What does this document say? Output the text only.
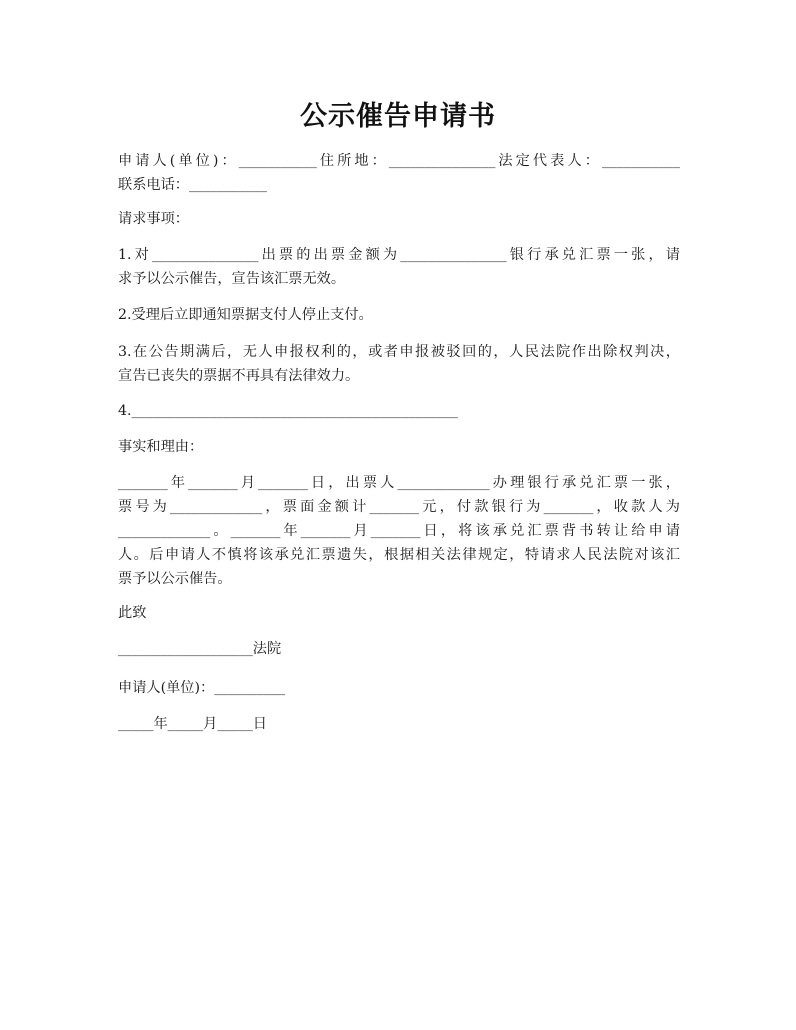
公示催告申请书
申请人(单位)：___________住所地：_______________法定代表人：___________
联系电话：___________
请求事项：
1.对_______________出票的出票金额为_______________银行承兑汇票一张，请
求予以公示催告，宣告该汇票无效。
2.受理后立即通知票据支付人停止支付。
3.在公告期满后，无人申报权利的，或者申报被驳回的，人民法院作出除权判决，
宣告已丧失的票据不再具有法律效力。
4.______________________________________________
事实和理由：
_______年_______月_______日，出票人_____________办理银行承兑汇票一张，
票号为_____________，票面金额计_______元，付款银行为_______，收款人为
_____________。_______年_______月_______日，将该承兑汇票背书转让给申请
人。后申请人不慎将该承兑汇票遗失，根据相关法律规定，特请求人民法院对该汇
票予以公示催告。
此致
___________________法院
申请人(单位)：__________
_____年_____月_____日
